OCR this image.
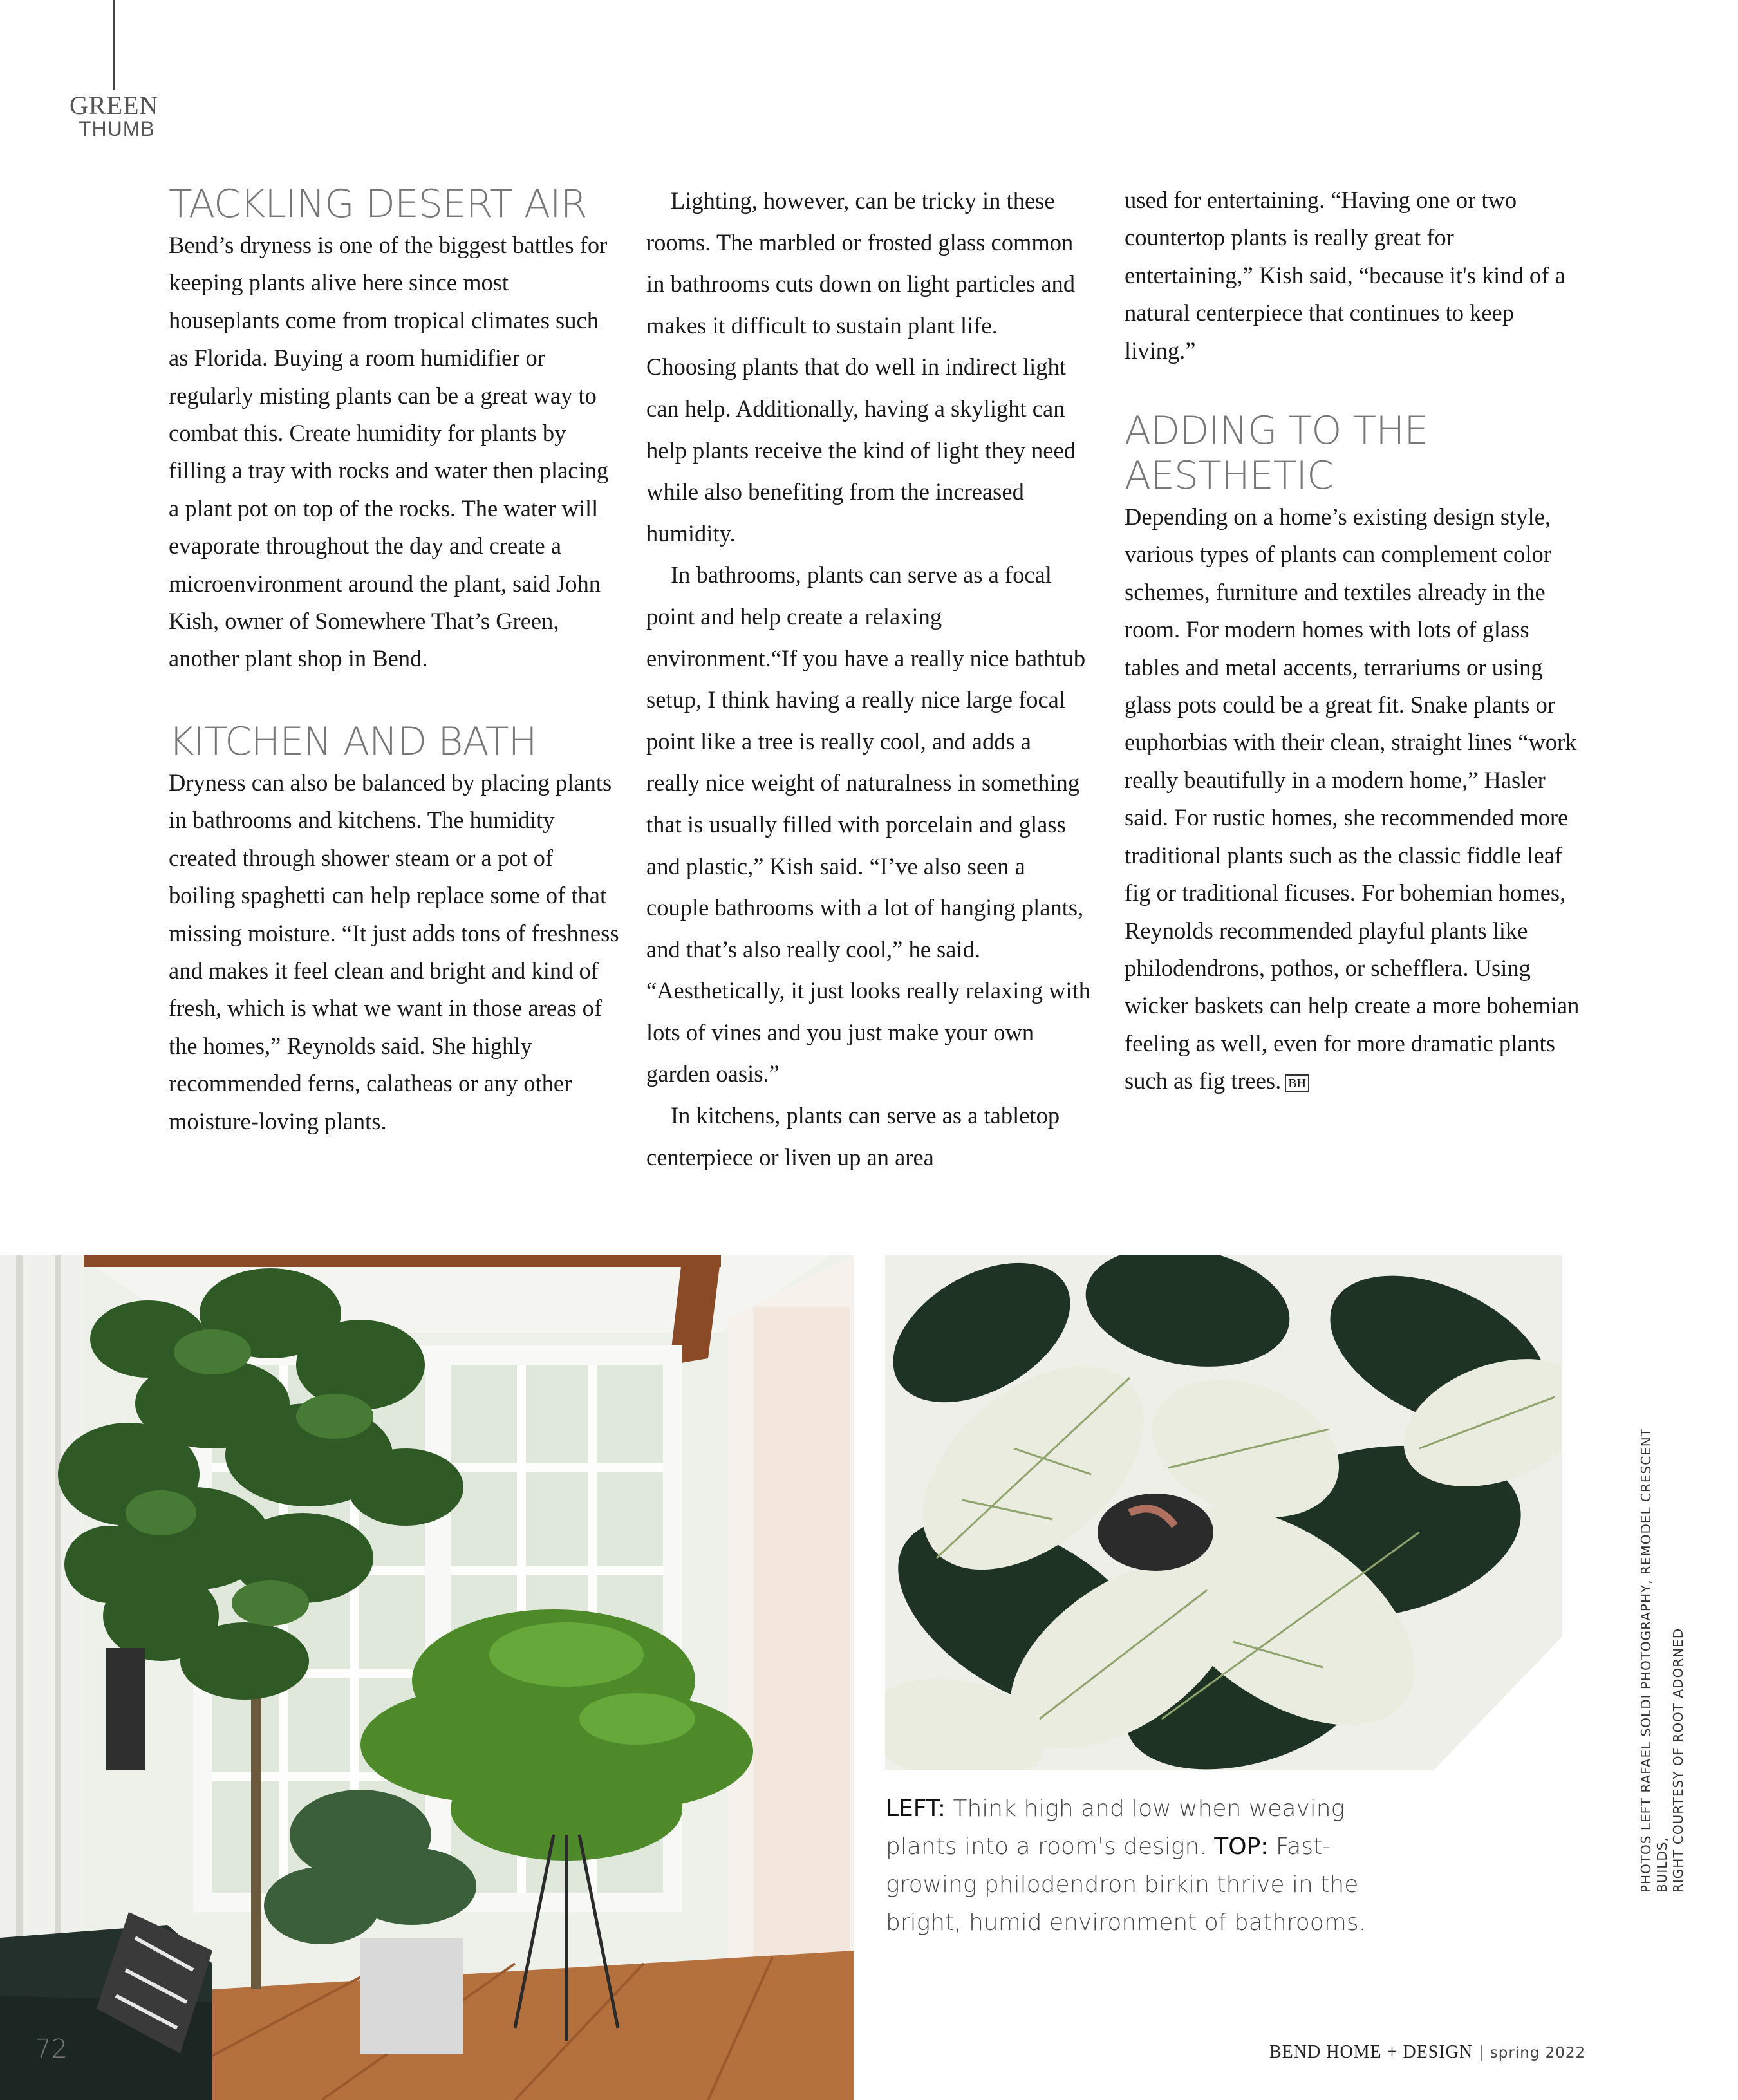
GREEN
THUMB
TACKLING DESERT AIR

Bend’s dryness is one of the biggest battles for keeping plants alive here since most houseplants come from tropical climates such as Florida. Buying a room humidifier or regularly misting plants can be a great way to combat this. Create humidity for plants by filling a tray with rocks and water then placing a plant pot on top of the rocks. The water will evaporate throughout the day and create a microenvironment around the plant, said John Kish, owner of Somewhere That’s Green, another plant shop in Bend.

KITCHEN AND BATH

Dryness can also be balanced by placing plants in bathrooms and kitchens. The humidity created through shower steam or a pot of boiling spaghetti can help replace some of that missing moisture. “It just adds tons of freshness and makes it feel clean and bright and kind of fresh, which is what we want in those areas of the homes,” Reynolds said. She highly recommended ferns, calatheas or any other moisture-loving plants.

Lighting, however, can be tricky in these rooms. The marbled or frosted glass common in bathrooms cuts down on light particles and makes it difficult to sustain plant life. Choosing plants that do well in indirect light can help. Additionally, having a skylight can help plants receive the kind of light they need while also benefiting from the increased humidity.

In bathrooms, plants can serve as a focal point and help create a relaxing environment.“If you have a really nice bathtub setup, I think having a really nice large focal point like a tree is really cool, and adds a really nice weight of naturalness in something that is usually filled with porcelain and glass and plastic,” Kish said. “I’ve also seen a couple bathrooms with a lot of hanging plants, and that’s also really cool,” he said. “Aesthetically, it just looks really relaxing with lots of vines and you just make your own garden oasis.”

In kitchens, plants can serve as a tabletop centerpiece or liven up an area

used for entertaining. “Having one or two countertop plants is really great for entertaining,” Kish said, “because it's kind of a natural centerpiece that continues to keep living.”

ADDING TO THE AESTHETIC

Depending on a home’s existing design style, various types of plants can complement color schemes, furniture and textiles already in the room. For modern homes with lots of glass tables and metal accents, terrariums or using glass pots could be a great fit. Snake plants or euphorbias with their clean, straight lines “work really beautifully in a modern home,” Hasler said. For rustic homes, she recommended more traditional plants such as the classic fiddle leaf fig or traditional ficuses. For bohemian homes, Reynolds recommended playful plants like philodendrons, pothos, or schefflera. Using wicker baskets can help create a more bohemian feeling as well, even for more dramatic plants such as fig trees. BH

LEFT: Think high and low when weaving plants into a room's design. TOP: Fast-growing philodendron birkin thrive in the bright, humid environment of bathrooms.
PHOTOS LEFT RAFAEL SOLDI PHOTOGRAPHY, REMODEL CRESCENT BUILDS, RIGHT COURTESY OF ROOT ADORNED
72	BEND HOME + DESIGN | spring 2022
